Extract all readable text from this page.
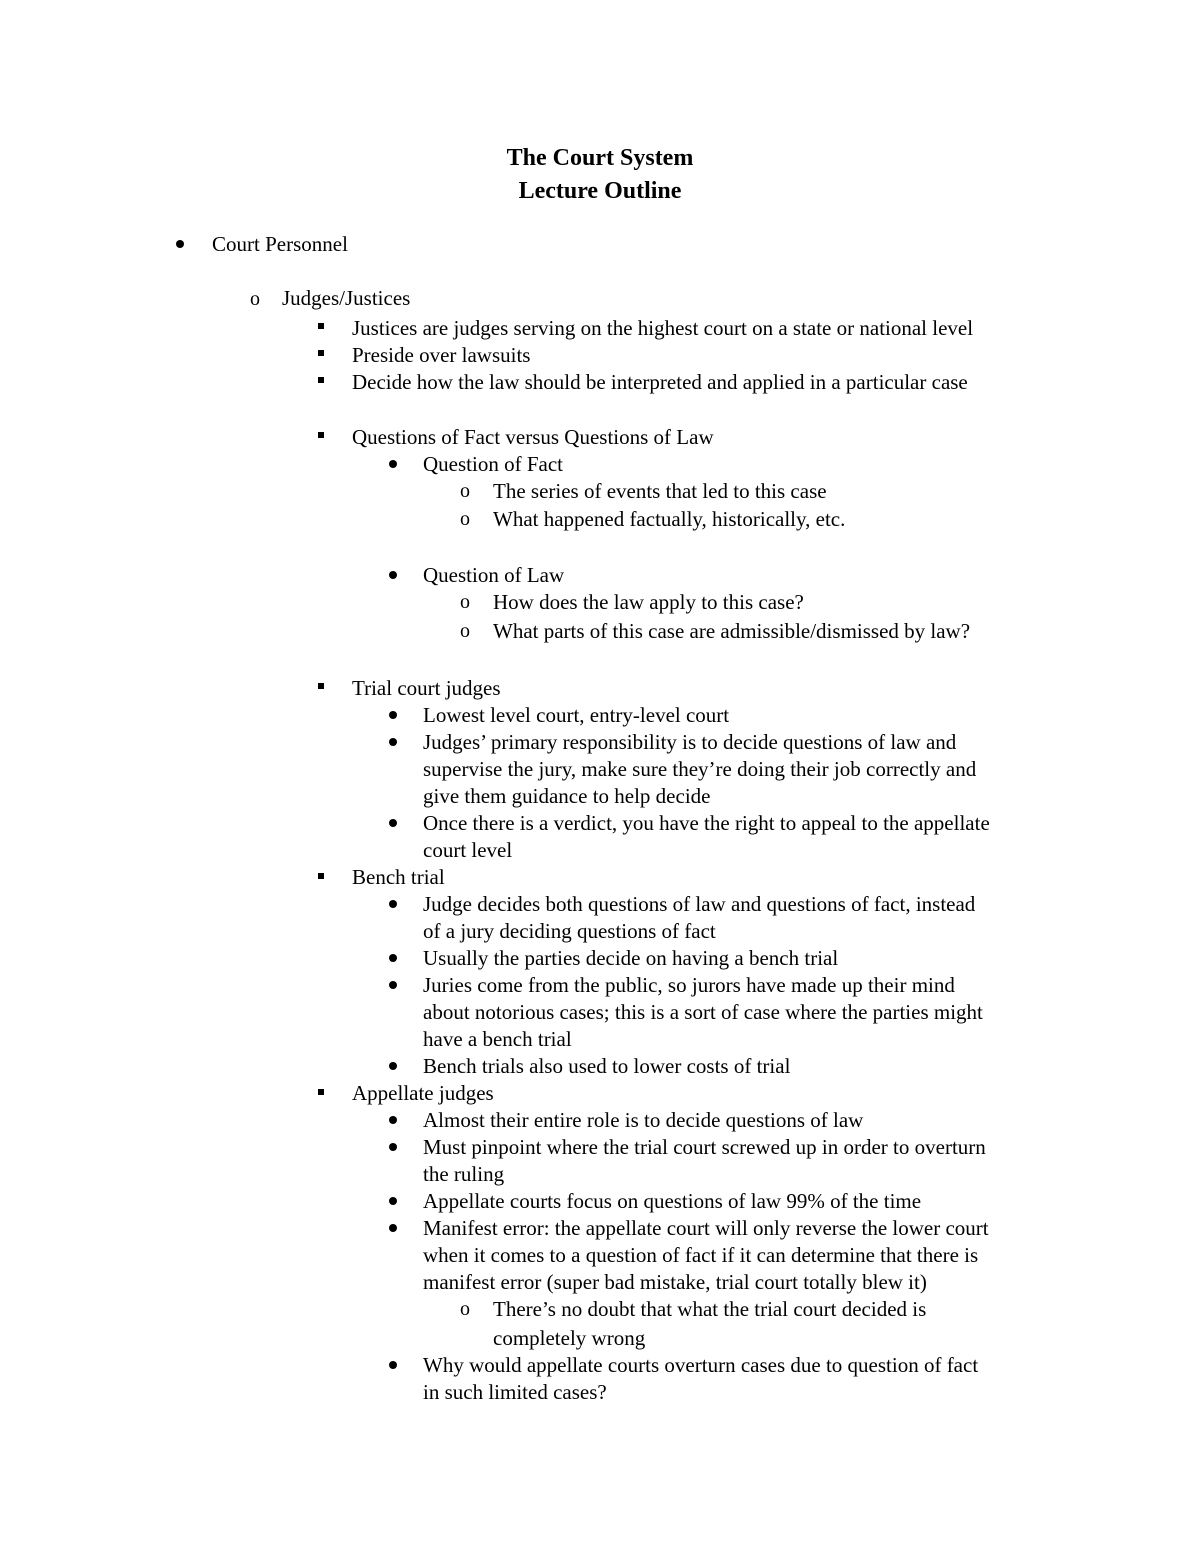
The Court System
Lecture Outline
Court Personnel
o Judges/Justices
Justices are judges serving on the highest court on a state or national level
Preside over lawsuits
Decide how the law should be interpreted and applied in a particular case
Questions of Fact versus Questions of Law
Question of Fact
o The series of events that led to this case
o What happened factually, historically, etc.
Question of Law
o How does the law apply to this case?
o What parts of this case are admissible/dismissed by law?
Trial court judges
Lowest level court, entry-level court
Judges’ primary responsibility is to decide questions of law and
supervise the jury, make sure they’re doing their job correctly and
give them guidance to help decide
Once there is a verdict, you have the right to appeal to the appellate
court level
Bench trial
Judge decides both questions of law and questions of fact, instead
of a jury deciding questions of fact
Usually the parties decide on having a bench trial
Juries come from the public, so jurors have made up their mind
about notorious cases; this is a sort of case where the parties might
have a bench trial
Bench trials also used to lower costs of trial
Appellate judges
Almost their entire role is to decide questions of law
Must pinpoint where the trial court screwed up in order to overturn
the ruling
Appellate courts focus on questions of law 99% of the time
Manifest error: the appellate court will only reverse the lower court
when it comes to a question of fact if it can determine that there is
manifest error (super bad mistake, trial court totally blew it)
o There’s no doubt that what the trial court decided is
completely wrong
Why would appellate courts overturn cases due to question of fact
in such limited cases?
